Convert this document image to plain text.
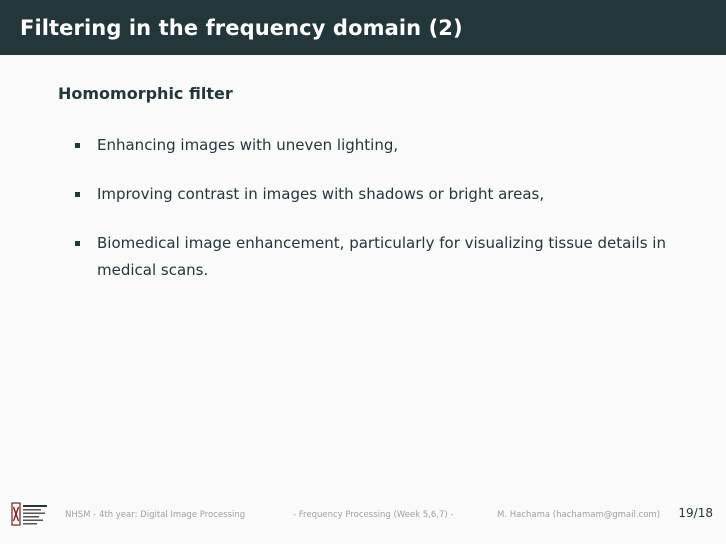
Filtering in the frequency domain (2)
Homomorphic filter
Enhancing images with uneven lighting,
Improving contrast in images with shadows or bright areas,
Biomedical image enhancement, particularly for visualizing tissue details in medical scans.
NHSM - 4th year: Digital Image Processing	- Frequency Processing (Week 5,6,7) -	M. Hachama (hachamam@gmail.com) 19/18
